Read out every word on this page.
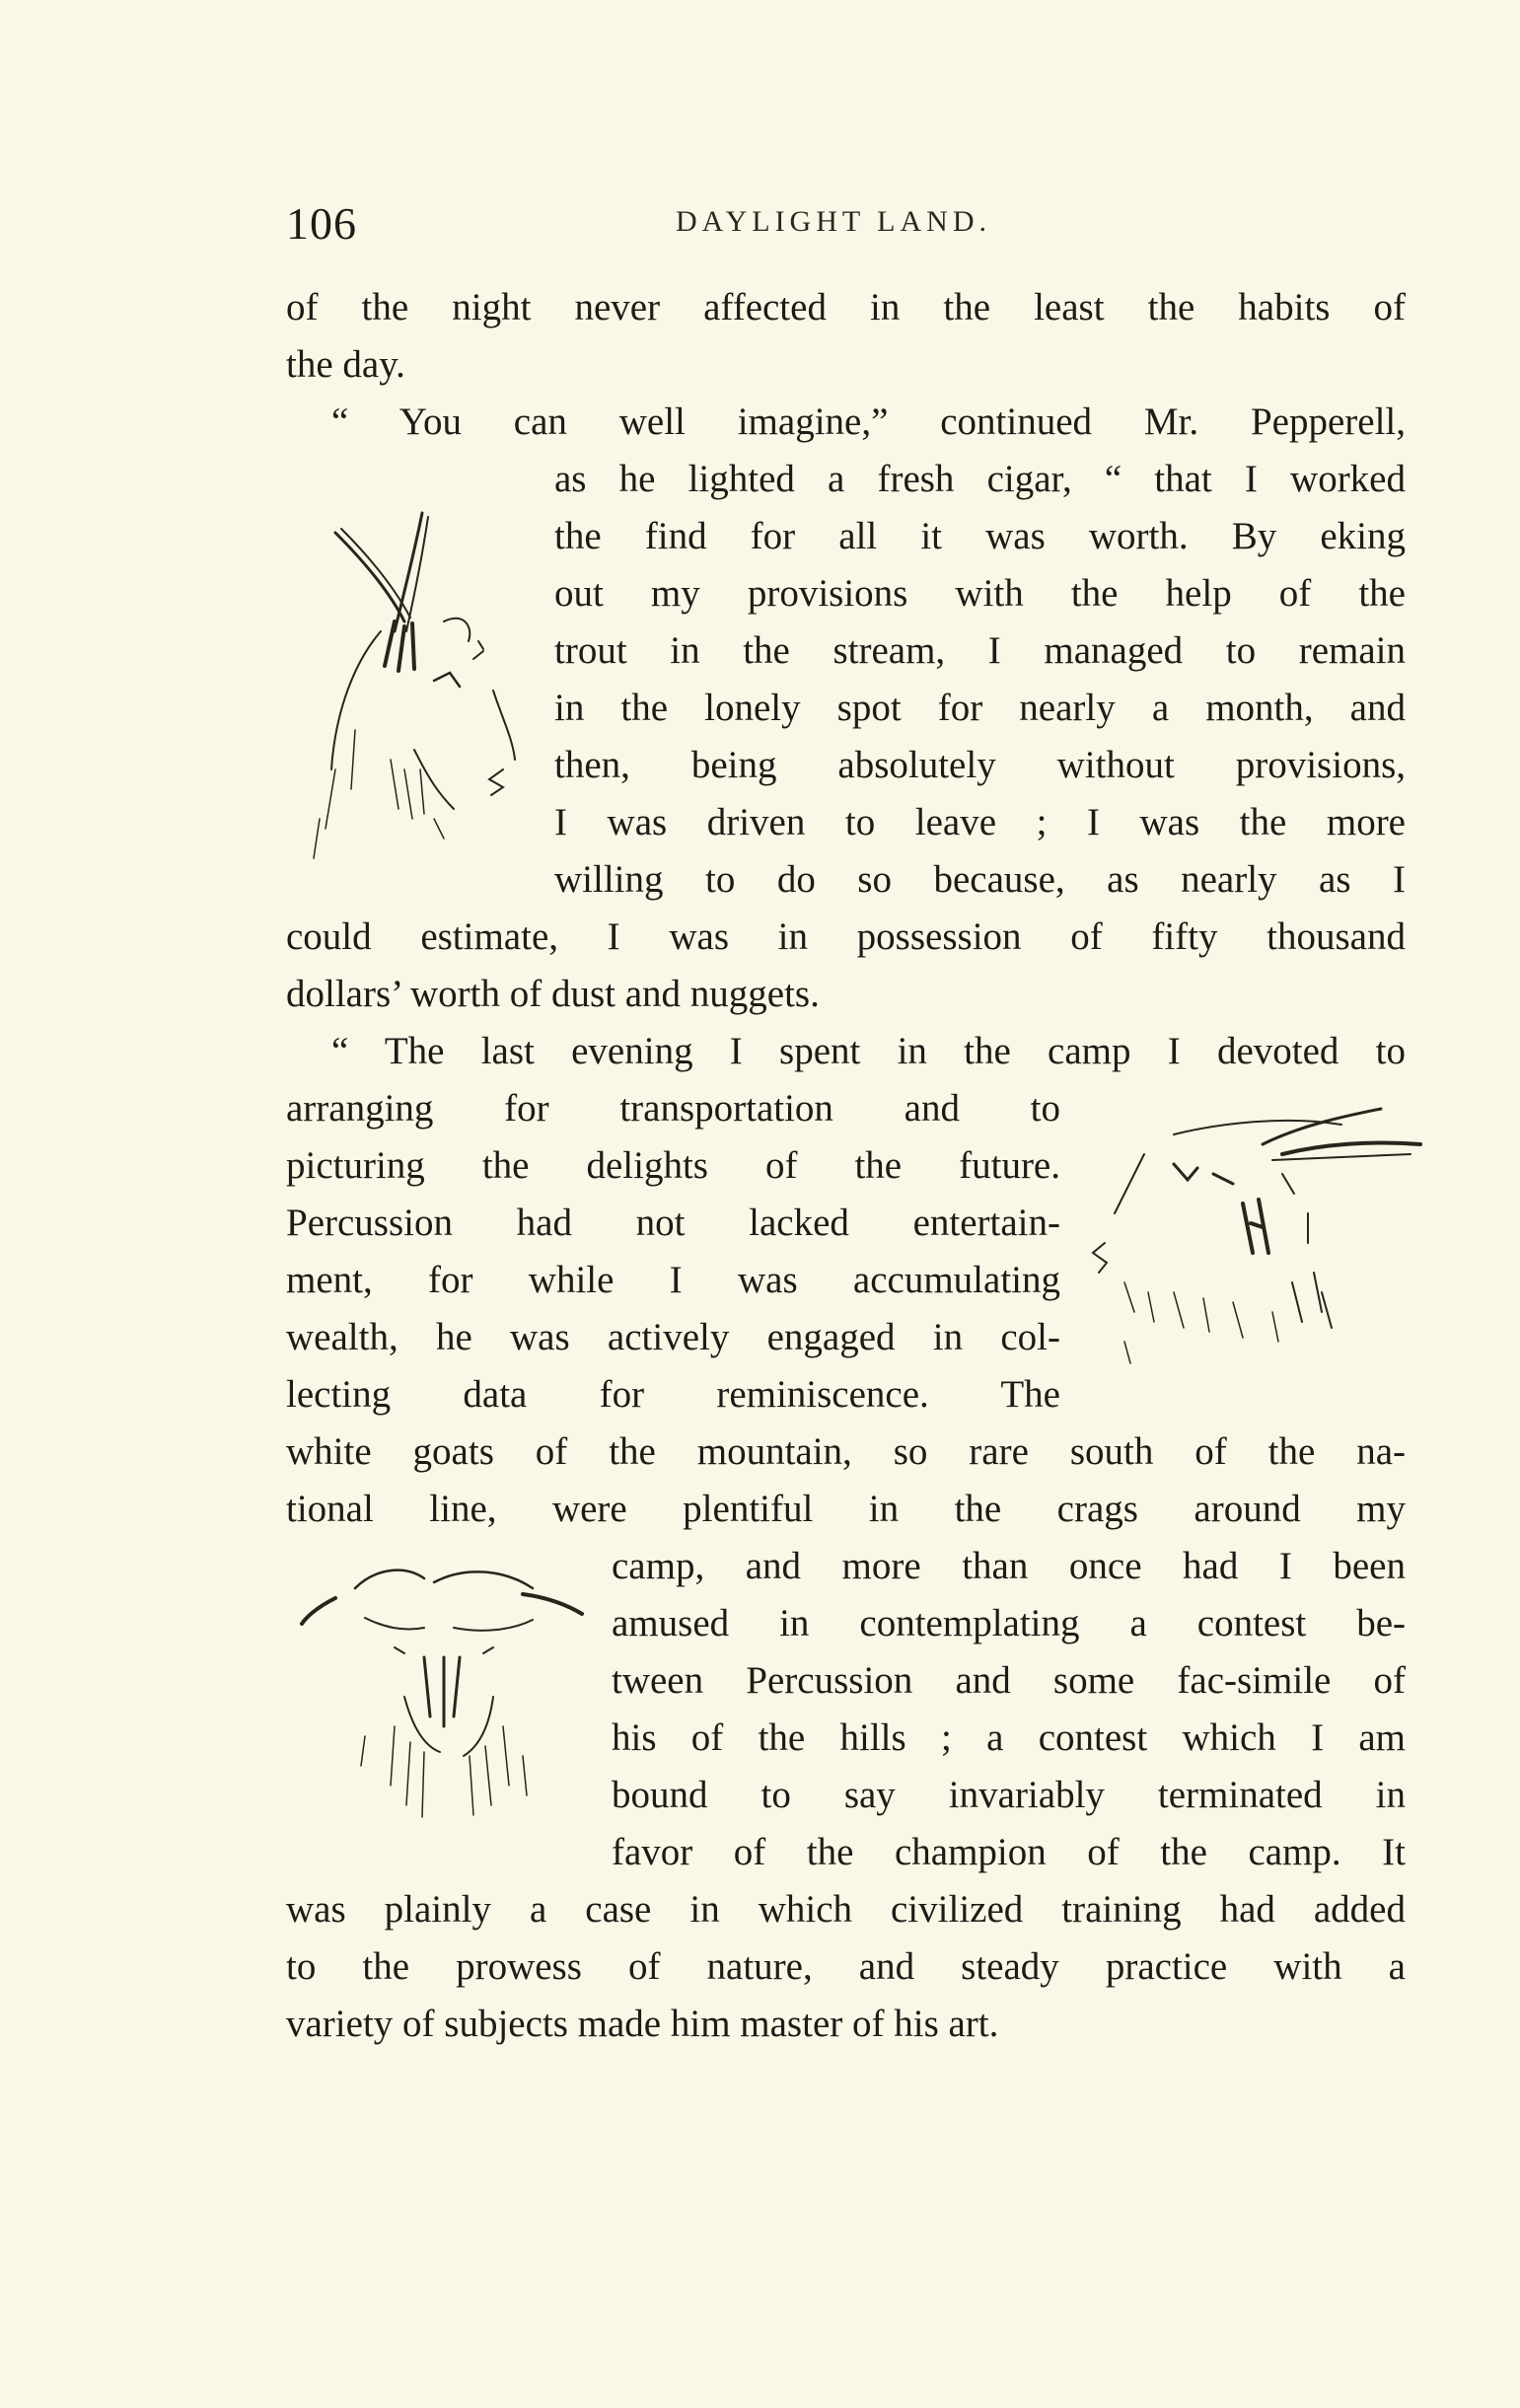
106	DAYLIGHT LAND.
of the night never affected in the least the habits of
the day.
“ You can well imagine,” continued Mr. Pepperell,
as he lighted a fresh cigar, “ that I worked
the find for all it was worth. By eking
out my provisions with the help of the
trout in the stream, I managed to remain
in the lonely spot for nearly a month, and
then, being absolutely without provisions,
I was driven to leave ; I was the more
willing to do so because, as nearly as I
could estimate, I was in possession of fifty thousand
dollars’ worth of dust and nuggets.
“ The last evening I spent in the camp I devoted to
arranging for transportation and to
picturing the delights of the future.
Percussion had not lacked entertain-
ment, for while I was accumulating
wealth, he was actively engaged in col-
lecting data for reminiscence. The
white goats of the mountain, so rare south of the na-
tional line, were plentiful in the crags around my
camp, and more than once had I been
amused in contemplating a contest be-
tween Percussion and some fac-simile of
his of the hills ; a contest which I am
bound to say invariably terminated in
favor of the champion of the camp. It
was plainly a case in which civilized training had added
to the prowess of nature, and steady practice with a
variety of subjects made him master of his art.
